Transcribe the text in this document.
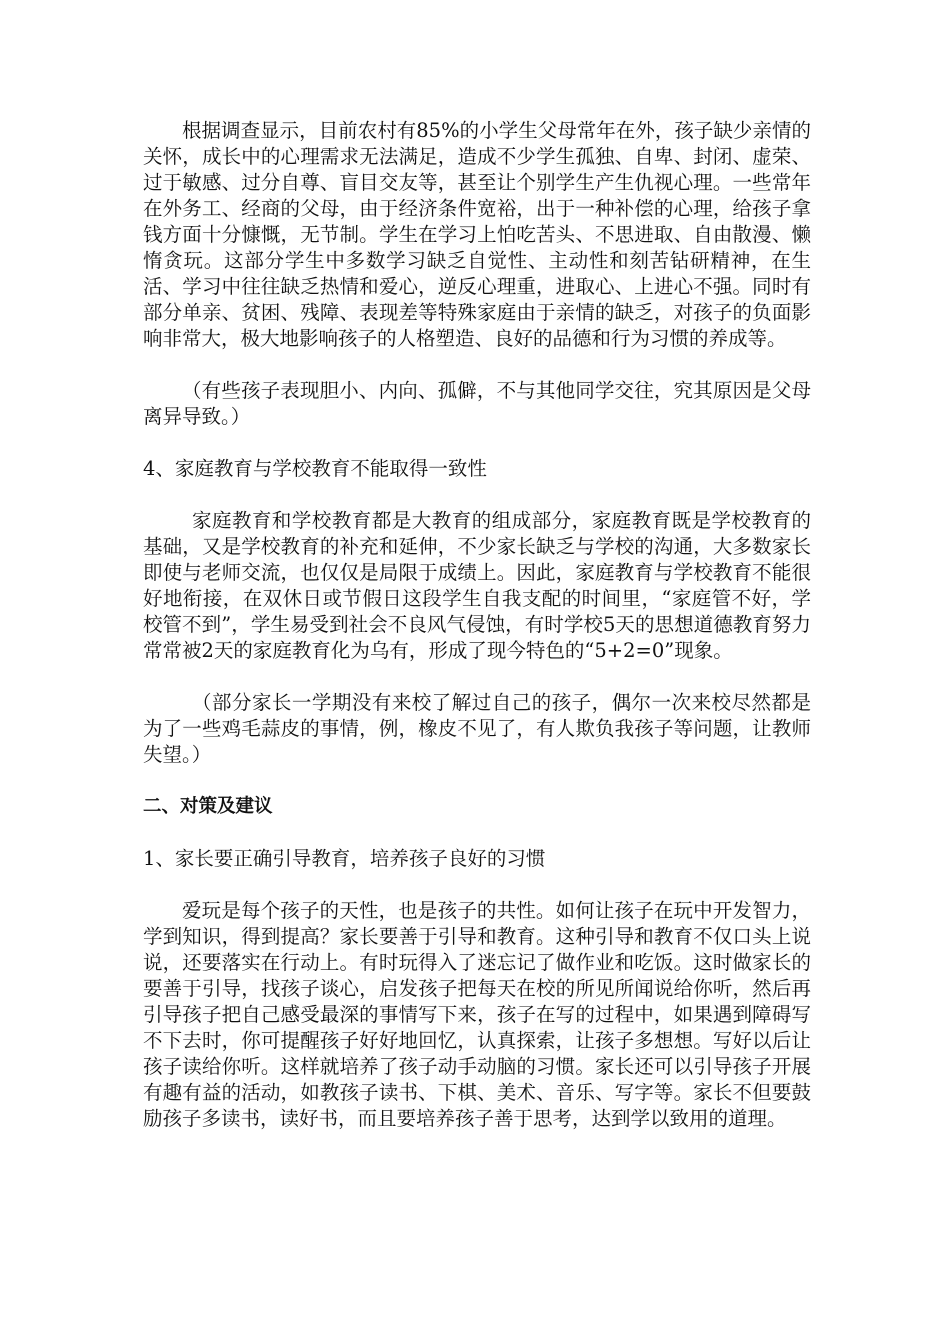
根据调查显示，目前农村有85%的小学生父母常年在外，孩子缺少亲情的关怀，成长中的心理需求无法满足，造成不少学生孤独、自卑、封闭、虚荣、过于敏感、过分自尊、盲目交友等，甚至让个别学生产生仇视心理。一些常年在外务工、经商的父母，由于经济条件宽裕，出于一种补偿的心理，给孩子拿钱方面十分慷慨，无节制。学生在学习上怕吃苦头、不思进取、自由散漫、懒惰贪玩。这部分学生中多数学习缺乏自觉性、主动性和刻苦钻研精神，在生活、学习中往往缺乏热情和爱心，逆反心理重，进取心、上进心不强。同时有部分单亲、贫困、残障、表现差等特殊家庭由于亲情的缺乏，对孩子的负面影响非常大，极大地影响孩子的人格塑造、良好的品德和行为习惯的养成等。

（有些孩子表现胆小、内向、孤僻，不与其他同学交往，究其原因是父母离异导致。）

4、家庭教育与学校教育不能取得一致性

家庭教育和学校教育都是大教育的组成部分，家庭教育既是学校教育的基础，又是学校教育的补充和延伸，不少家长缺乏与学校的沟通，大多数家长即使与老师交流，也仅仅是局限于成绩上。因此，家庭教育与学校教育不能很好地衔接，在双休日或节假日这段学生自我支配的时间里，“家庭管不好，学校管不到”，学生易受到社会不良风气侵蚀，有时学校5天的思想道德教育努力常常被2天的家庭教育化为乌有，形成了现今特色的“5+2=0”现象。

（部分家长一学期没有来校了解过自己的孩子，偶尔一次来校尽然都是为了一些鸡毛蒜皮的事情，例，橡皮不见了，有人欺负我孩子等问题，让教师失望。）

二、对策及建议

1、家长要正确引导教育，培养孩子良好的习惯

爱玩是每个孩子的天性，也是孩子的共性。如何让孩子在玩中开发智力，学到知识，得到提高？家长要善于引导和教育。这种引导和教育不仅口头上说说，还要落实在行动上。有时玩得入了迷忘记了做作业和吃饭。这时做家长的要善于引导，找孩子谈心，启发孩子把每天在校的所见所闻说给你听，然后再引导孩子把自己感受最深的事情写下来，孩子在写的过程中，如果遇到障碍写不下去时，你可提醒孩子好好地回忆，认真探索，让孩子多想想。写好以后让孩子读给你听。这样就培养了孩子动手动脑的习惯。家长还可以引导孩子开展有趣有益的活动，如教孩子读书、下棋、美术、音乐、写字等。家长不但要鼓励孩子多读书，读好书，而且要培养孩子善于思考，达到学以致用的道理。
